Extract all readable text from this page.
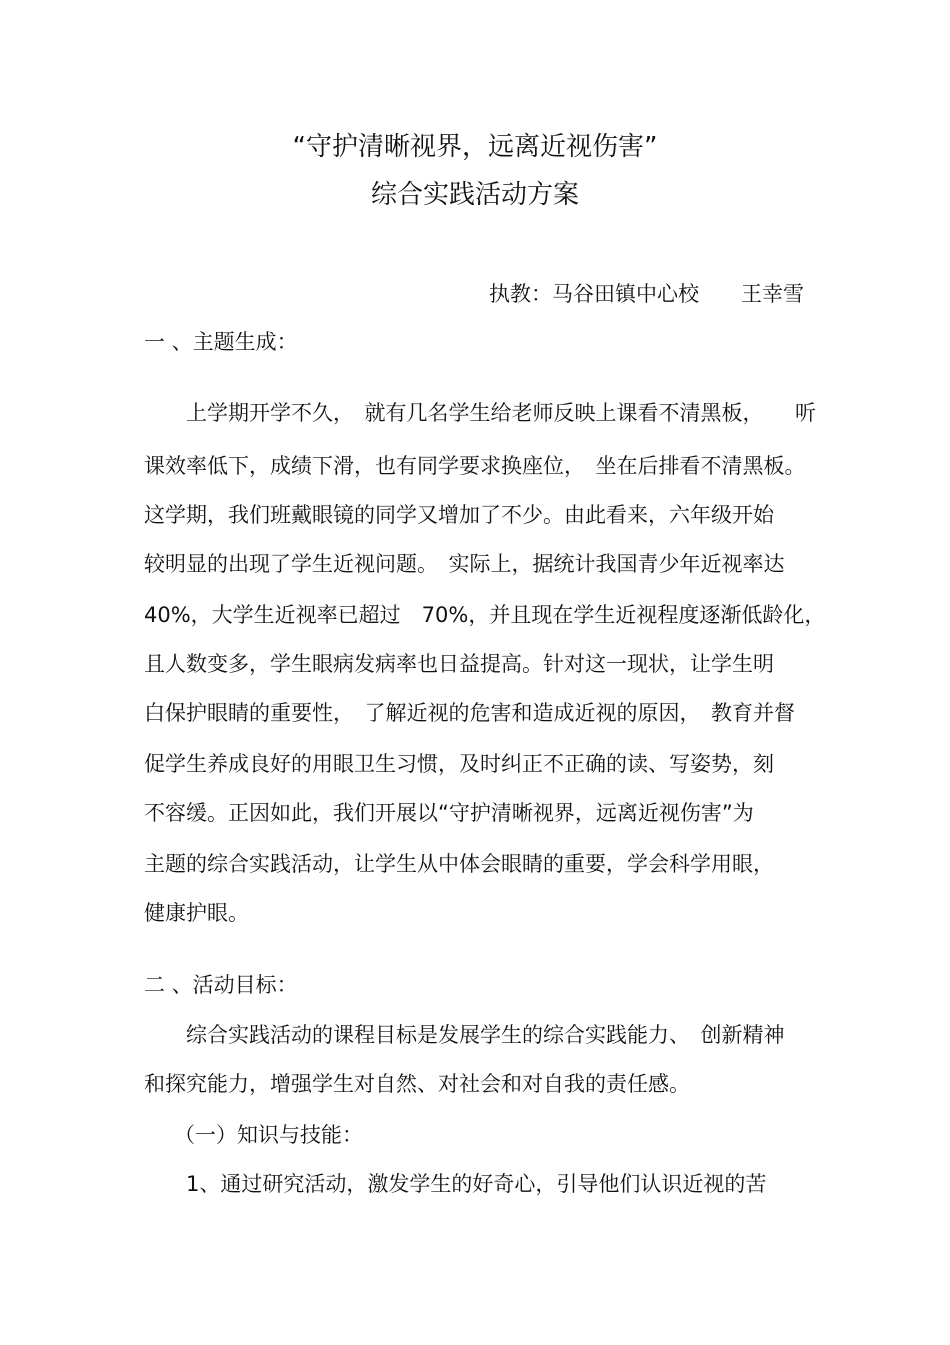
“守护清晰视界，远离近视伤害”
综合实践活动方案
执教：马谷田镇中心校　　王幸雪
一 、主题生成：
上学期开学不久，　就有几名学生给老师反映上课看不清黑板，　　听
课效率低下，成绩下滑，也有同学要求换座位，　坐在后排看不清黑板。
这学期，我们班戴眼镜的同学又增加了不少。由此看来，六年级开始
较明显的出现了学生近视问题。　实际上，据统计我国青少年近视率达
40%，大学生近视率已超过　70%，并且现在学生近视程度逐渐低龄化，
且人数变多，学生眼病发病率也日益提高。针对这一现状，让学生明
白保护眼睛的重要性，　了解近视的危害和造成近视的原因，　教育并督
促学生养成良好的用眼卫生习惯，及时纠正不正确的读、写姿势，刻
不容缓。正因如此，我们开展以“守护清晰视界，远离近视伤害”为
主题的综合实践活动，让学生从中体会眼睛的重要，学会科学用眼，
健康护眼。
二 、活动目标：
综合实践活动的课程目标是发展学生的综合实践能力、　创新精神
和探究能力，增强学生对自然、对社会和对自我的责任感。
（一）知识与技能：
1、通过研究活动，激发学生的好奇心，引导他们认识近视的苦
